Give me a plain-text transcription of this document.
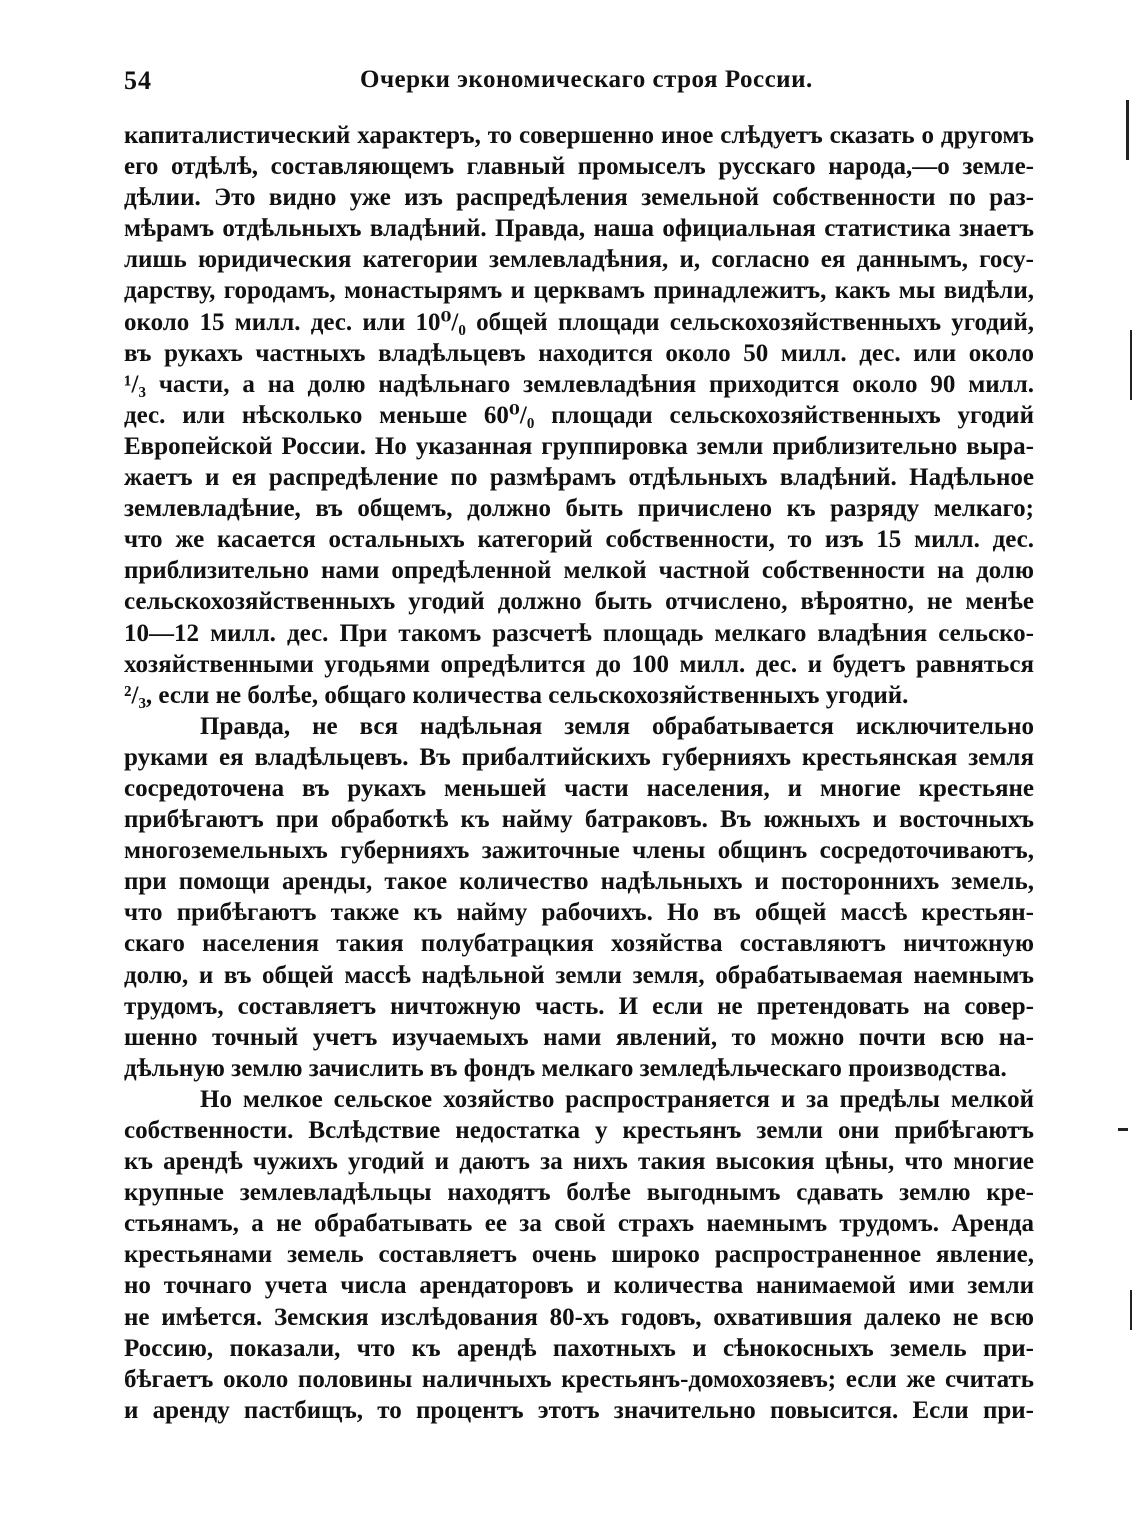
54	Очерки экономическаго строя России.
капиталистический характеръ, то совершенно иное слѣдуетъ сказать о другомъ
его отдѣлѣ, составляющемъ главный промыселъ русскаго народа,—о земле-
дѣлии. Это видно уже изъ распредѣления земельной собственности по раз-
мѣрамъ отдѣльныхъ владѣний. Правда, наша официальная статистика знаетъ
лишь юридическия категории землевладѣния, и, согласно ея даннымъ, госу-
дарству, городамъ, монастырямъ и церквамъ принадлежитъ, какъ мы видѣли,
около 15 милл. дес. или 10⁰/₀ общей площади сельскохозяйственныхъ угодий,
въ рукахъ частныхъ владѣльцевъ находится около 50 милл. дес. или около
¹/₃ части, а на долю надѣльнаго землевладѣния приходится около 90 милл.
дес. или нѣсколько меньше 60⁰/₀ площади сельскохозяйственныхъ угодий
Европейской России. Но указанная группировка земли приблизительно выра-
жаетъ и ея распредѣление по размѣрамъ отдѣльныхъ владѣний. Надѣльное
землевладѣние, въ общемъ, должно быть причислено къ разряду мелкаго;
что же касается остальныхъ категорий собственности, то изъ 15 милл. дес.
приблизительно нами опредѣленной мелкой частной собственности на долю
сельскохозяйственныхъ угодий должно быть отчислено, вѣроятно, не менѣе
10—12 милл. дес. При такомъ разсчетѣ площадь мелкаго владѣния сельско-
хозяйственными угодьями опредѣлится до 100 милл. дес. и будетъ равняться
²/₃, если не болѣе, общаго количества сельскохозяйственныхъ угодий.
Правда, не вся надѣльная земля обрабатывается исключительно
руками ея владѣльцевъ. Въ прибалтийскихъ губернияхъ крестьянская земля
сосредоточена въ рукахъ меньшей части населения, и многие крестьяне
прибѣгаютъ при обработкѣ къ найму батраковъ. Въ южныхъ и восточныхъ
многоземельныхъ губернияхъ зажиточные члены общинъ сосредоточиваютъ,
при помощи аренды, такое количество надѣльныхъ и постороннихъ земель,
что прибѣгаютъ также къ найму рабочихъ. Но въ общей массѣ крестьян-
скаго населения такия полубатрацкия хозяйства составляютъ ничтожную
долю, и въ общей массѣ надѣльной земли земля, обрабатываемая наемнымъ
трудомъ, составляетъ ничтожную часть. И если не претендовать на совер-
шенно точный учетъ изучаемыхъ нами явлений, то можно почти всю на-
дѣльную землю зачислить въ фондъ мелкаго земледѣльческаго производства.
Но мелкое сельское хозяйство распространяется и за предѣлы мелкой
собственности. Вслѣдствие недостатка у крестьянъ земли они прибѣгаютъ
къ арендѣ чужихъ угодий и даютъ за нихъ такия высокия цѣны, что многие
крупные землевладѣльцы находятъ болѣе выгоднымъ сдавать землю кре-
стьянамъ, а не обрабатывать ее за свой страхъ наемнымъ трудомъ. Аренда
крестьянами земель составляетъ очень широко распространенное явление,
но точнаго учета числа арендаторовъ и количества нанимаемой ими земли
не имѣется. Земския изслѣдования 80-хъ годовъ, охватившия далеко не всю
Россию, показали, что къ арендѣ пахотныхъ и сѣнокосныхъ земель при-
бѣгаетъ около половины наличныхъ крестьянъ-домохозяевъ; если же считать
и аренду пастбищъ, то процентъ этотъ значительно повысится. Если при-
